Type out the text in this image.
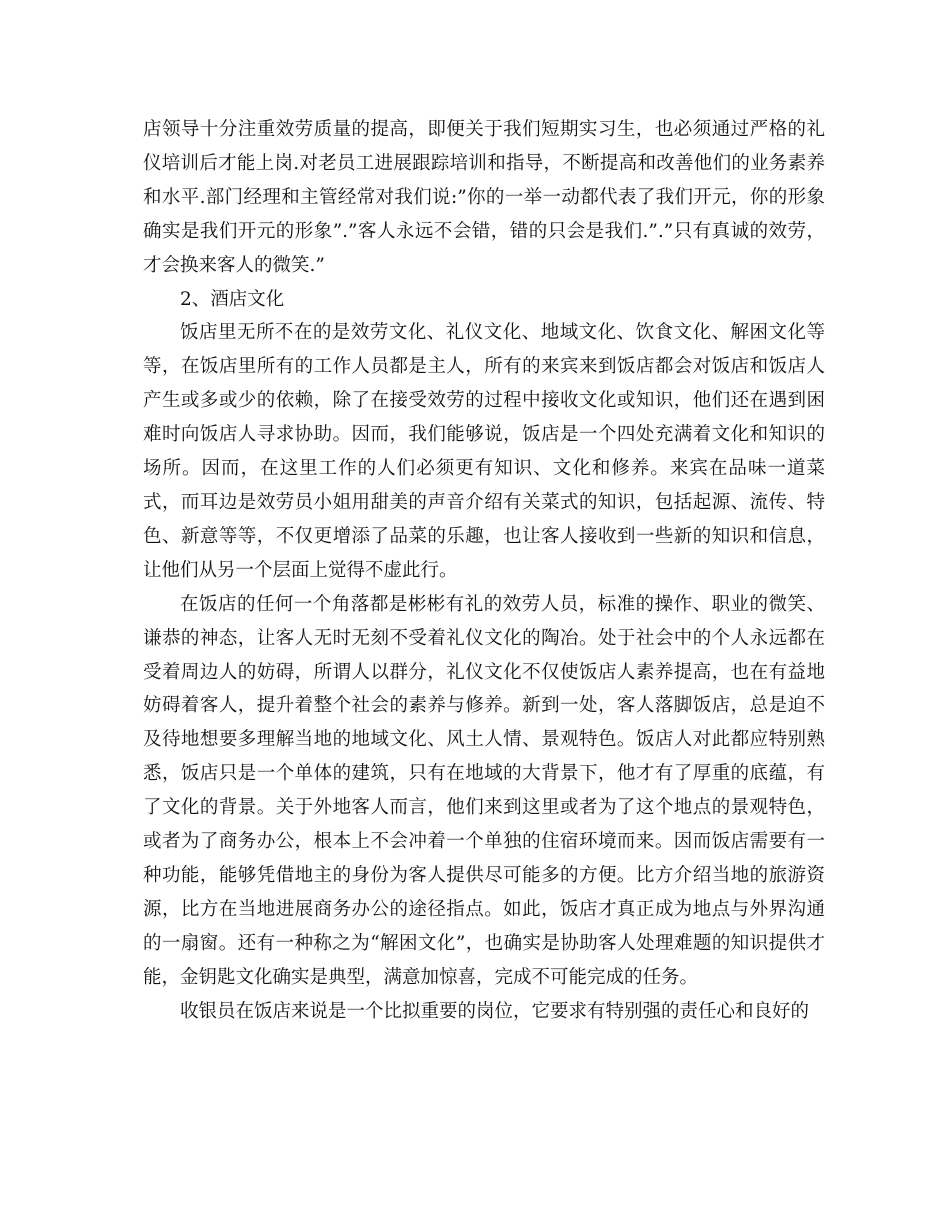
店领导十分注重效劳质量的提高，即便关于我们短期实习生，也必须通过严格的礼仪培训后才能上岗.对老员工进展跟踪培训和指导，不断提高和改善他们的业务素养和水平.部门经理和主管经常对我们说:”你的一举一动都代表了我们开元，你的形象确实是我们开元的形象”.”客人永远不会错，错的只会是我们.”.”只有真诚的效劳，才会换来客人的微笑.”

2、酒店文化

饭店里无所不在的是效劳文化、礼仪文化、地域文化、饮食文化、解困文化等等，在饭店里所有的工作人员都是主人，所有的来宾来到饭店都会对饭店和饭店人产生或多或少的依赖，除了在接受效劳的过程中接收文化或知识，他们还在遇到困难时向饭店人寻求协助。因而，我们能够说，饭店是一个四处充满着文化和知识的场所。因而，在这里工作的人们必须更有知识、文化和修养。来宾在品味一道菜式，而耳边是效劳员小姐用甜美的声音介绍有关菜式的知识，包括起源、流传、特色、新意等等，不仅更增添了品菜的乐趣，也让客人接收到一些新的知识和信息，让他们从另一个层面上觉得不虚此行。

在饭店的任何一个角落都是彬彬有礼的效劳人员，标准的操作、职业的微笑、谦恭的神态，让客人无时无刻不受着礼仪文化的陶冶。处于社会中的个人永远都在受着周边人的妨碍，所谓人以群分，礼仪文化不仅使饭店人素养提高，也在有益地妨碍着客人，提升着整个社会的素养与修养。新到一处，客人落脚饭店，总是迫不及待地想要多理解当地的地域文化、风土人情、景观特色。饭店人对此都应特别熟悉，饭店只是一个单体的建筑，只有在地域的大背景下，他才有了厚重的底蕴，有了文化的背景。关于外地客人而言，他们来到这里或者为了这个地点的景观特色，或者为了商务办公，根本上不会冲着一个单独的住宿环境而来。因而饭店需要有一种功能，能够凭借地主的身份为客人提供尽可能多的方便。比方介绍当地的旅游资源，比方在当地进展商务办公的途径指点。如此，饭店才真正成为地点与外界沟通的一扇窗。还有一种称之为“解困文化”，也确实是协助客人处理难题的知识提供才能，金钥匙文化确实是典型，满意加惊喜，完成不可能完成的任务。

收银员在饭店来说是一个比拟重要的岗位，它要求有特别强的责任心和良好的
